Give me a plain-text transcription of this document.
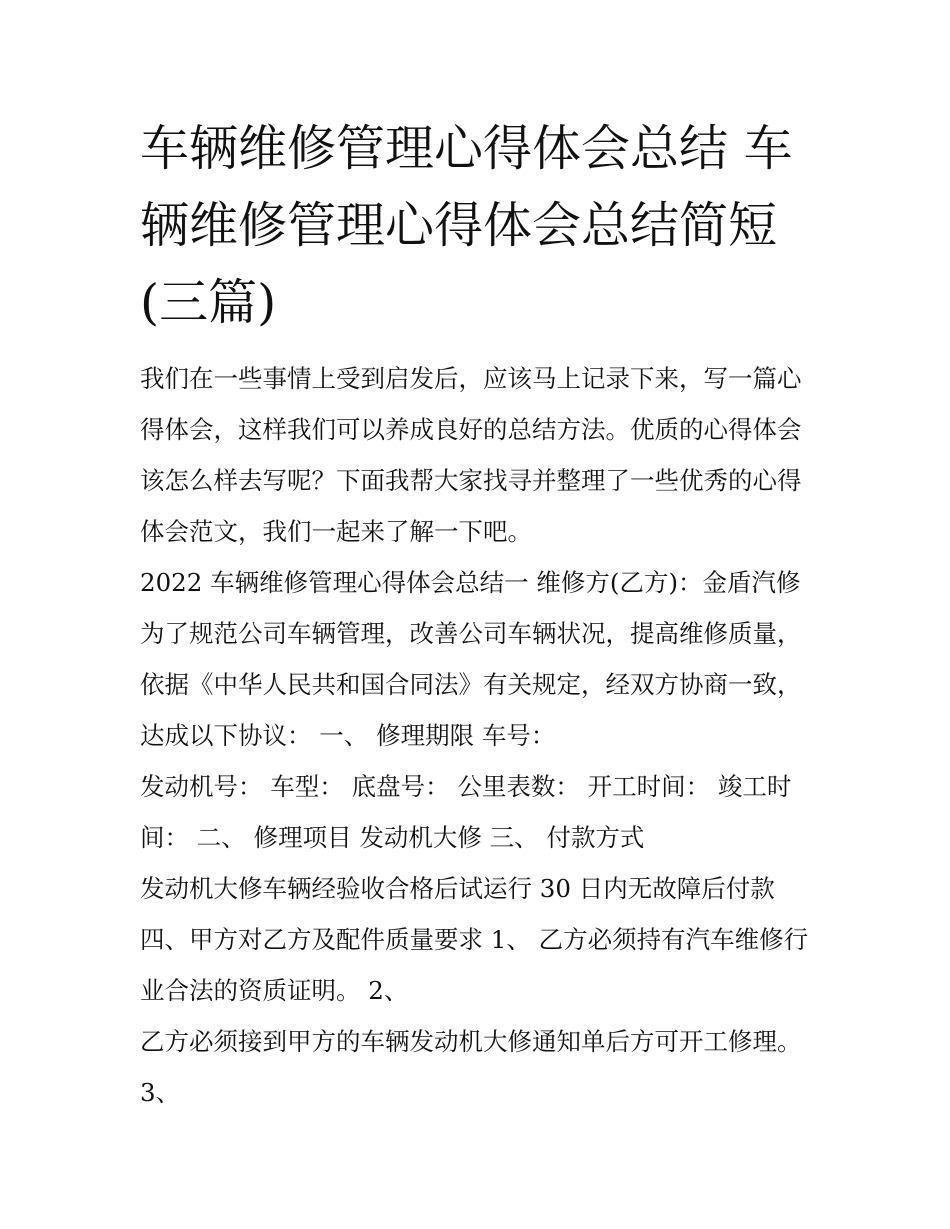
车辆维修管理心得体会总结 车
辆维修管理心得体会总结简短
(三篇)
我们在一些事情上受到启发后，应该马上记录下来，写一篇心
得体会，这样我们可以养成良好的总结方法。优质的心得体会
该怎么样去写呢？下面我帮大家找寻并整理了一些优秀的心得
体会范文，我们一起来了解一下吧。
2022 车辆维修管理心得体会总结一 维修方(乙方)：金盾汽修
为了规范公司车辆管理，改善公司车辆状况，提高维修质量，
依据《中华人民共和国合同法》有关规定，经双方协商一致，
达成以下协议： 一、 修理期限 车号：
发动机号： 车型： 底盘号： 公里表数： 开工时间： 竣工时
间： 二、 修理项目 发动机大修 三、 付款方式
发动机大修车辆经验收合格后试运行 30 日内无故障后付款
四、甲方对乙方及配件质量要求 1、 乙方必须持有汽车维修行
业合法的资质证明。 2、
乙方必须接到甲方的车辆发动机大修通知单后方可开工修理。
3、
